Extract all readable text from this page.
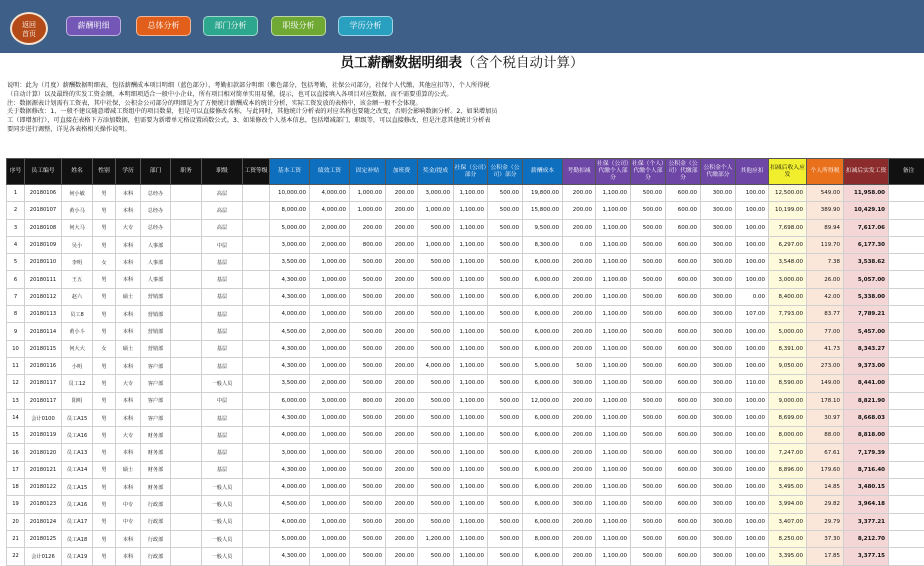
返回
首页
薪酬明细	总体分析	部门分析	职级分析	学历分析
员工薪酬数据明细表（含个税自动计算）

说明：此为（月度）薪酬数据明细表，包括薪酬成本项目明细（蓝色部分），考勤扣款部分明细（紫色部分，包括考勤，社保公司部分，社保个人代缴，其他应扣等），个人所得税

（自动计算）以及最终的实发工资金额，本明细项适合一般中小企业，所有项目相对简单实用易懂，提示，也可以直接填入各项目对应数据，而不需要重算的公式。

注：数据源表计划需有工资表，其中社保，公积金公司部分的明细是为了方便统计薪酬成本的统计分析，实际工资发放的表格中，该金额一般不会体现。

关于数据修改：1、一般不建议随意增减工资组中的项目数量，但是可以直接修改名称，与此同时，其他统计分析表的对应名称也要随之改变，否则会影响数据分析。2、如果增加员

工（即增加行），可直接在表格下方添加数据，但需要为新增单元格设置函数公式。3、如果修改个人基本信息，包括增减部门，职级等，可以直接修改，但是注意其他统计分析表

要同步进行调整，详见各表格相关操作说明。

序号	员工编号	姓名	性别	学历	部门	职务	职级	工资等级	基本工资	绩效工资	固定补贴	加班费	奖金/提成	社保（公司）部分	公积金（公司）部分	薪酬成本	考勤扣减	社保（公司）代缴个人部分	社保（个人）代缴个人部分	公积金（公司）代缴部分	公积金个人代缴部分	其他应扣	扣减后收入应发	个人所得税	扣减后实发工资	备注
1	20180106	何小敏	男	本科	总经办		高层		10,000.00	4,000.00	1,000.00	200.00	3,000.00	1,100.00	500.00	19,800.00	200.00	1,100.00	500.00	600.00	300.00	100.00	12,500.00	549.00	11,958.00	
2	20180107	黄小马	男	本科	总经办		高层		8,000.00	4,000.00	1,000.00	200.00	1,000.00	1,100.00	500.00	15,800.00	200.00	1,100.00	500.00	600.00	300.00	100.00	10,199.00	389.90	10,429.10	
3	20180108	何大马	男	大专	总经办		高层		5,000.00	2,000.00	200.00	200.00	500.00	1,100.00	500.00	9,500.00	200.00	1,100.00	500.00	600.00	300.00	100.00	7,698.00	89.94	7,617.06	
4	20180109	吴小	男	本科	人事部		中层		3,000.00	2,000.00	800.00	200.00	1,000.00	1,100.00	500.00	8,300.00	0.00	1,100.00	500.00	600.00	300.00	100.00	6,297.00	119.70	6,177.30	
5	20180110	李明	女	本科	人事部		基层		3,500.00	1,000.00	500.00	200.00	500.00	1,100.00	500.00	6,000.00	200.00	1,100.00	500.00	600.00	300.00	100.00	3,548.00	7.38	3,538.62	
6	20180111	王五	男	本科	人事部		基层		4,300.00	1,000.00	500.00	200.00	500.00	1,100.00	500.00	6,000.00	200.00	1,100.00	500.00	600.00	300.00	100.00	3,000.00	26.00	5,057.00	
7	20180112	赵六	男	硕士	营销部		基层		4,300.00	1,000.00	500.00	200.00	500.00	1,100.00	500.00	6,000.00	200.00	1,100.00	500.00	600.00	300.00	0.00	8,400.00	42.00	5,338.00	
8	20180113	员工8	男	本科	营销部		基层		4,000.00	1,000.00	500.00	200.00	500.00	1,100.00	500.00	6,000.00	200.00	1,100.00	500.00	600.00	300.00	107.00	7,793.00	83.77	7,789.21	
9	20180114	黄小斗	男	本科	营销部		基层		4,500.00	2,000.00	500.00	200.00	500.00	1,100.00	500.00	6,000.00	200.00	1,100.00	500.00	600.00	300.00	100.00	5,000.00	77.00	5,457.00	
10	20180115	何大大	女	硕士	营销部		基层		4,300.00	1,000.00	500.00	200.00	500.00	1,100.00	500.00	6,000.00	200.00	1,100.00	500.00	600.00	300.00	100.00	8,391.00	41.73	8,343.27	
11	20180116	小明	男	本科	客户部		基层		4,300.00	1,000.00	500.00	200.00	4,000.00	1,100.00	500.00	5,000.00	50.00	1,100.00	500.00	600.00	300.00	100.00	9,050.00	273.00	9,373.00	
12	20180117	员工12	男	大专	客户部		一般人员		3,500.00	2,000.00	500.00	200.00	500.00	1,100.00	500.00	6,000.00	300.00	1,100.00	500.00	600.00	300.00	110.00	8,590.00	149.00	8,441.00	
13	20180117	阳明	男	本科	客户部		中层		6,000.00	3,000.00	800.00	200.00	500.00	1,100.00	500.00	12,000.00	200.00	1,100.00	500.00	600.00	300.00	100.00	9,000.00	178.10	8,821.90	
14	会计0100	员工A15	男	本科	客户部		基层		4,300.00	1,000.00	500.00	200.00	500.00	1,100.00	500.00	6,000.00	200.00	1,100.00	500.00	600.00	300.00	100.00	8,699.00	30.97	8,668.03	
15	20180119	员工A16	男	大专	财务部		基层		4,000.00	1,000.00	500.00	200.00	500.00	1,100.00	500.00	6,000.00	200.00	1,100.00	500.00	600.00	300.00	100.00	8,000.00	88.00	8,818.00	
16	20180120	员工A13	男	本科	财务部		基层		3,000.00	1,000.00	500.00	200.00	500.00	1,100.00	500.00	6,000.00	200.00	1,100.00	500.00	600.00	300.00	100.00	7,247.00	67.61	7,179.39	
17	20180121	员工A14	男	硕士	财务部		基层		4,300.00	1,000.00	500.00	200.00	500.00	1,100.00	500.00	6,000.00	200.00	1,100.00	500.00	600.00	300.00	100.00	8,896.00	179.60	8,716.40	
18	20180122	员工A15	男	本科	财务部		一般人员		4,000.00	1,000.00	500.00	200.00	500.00	1,100.00	500.00	6,000.00	200.00	1,100.00	500.00	600.00	300.00	100.00	3,495.00	14.85	3,480.15	
19	20180123	员工A16	男	中专	行政部		一般人员		4,500.00	1,000.00	500.00	200.00	500.00	1,100.00	500.00	6,000.00	300.00	1,100.00	500.00	600.00	300.00	100.00	3,994.00	29.82	3,964.18	
20	20180124	员工A17	男	中专	行政部		一般人员		4,000.00	1,000.00	500.00	200.00	500.00	1,100.00	500.00	6,000.00	200.00	1,100.00	500.00	600.00	300.00	100.00	3,407.00	29.79	3,377.21	
21	20180125	员工A18	男	本科	行政部		一般人员		5,000.00	1,000.00	500.00	200.00	1,200.00	1,100.00	500.00	8,000.00	200.00	1,100.00	500.00	600.00	300.00	100.00	8,250.00	37.30	8,212.70	
22	会计0126	员工A19	男	本科	行政部		一般人员		4,300.00	1,000.00	500.00	200.00	500.00	1,100.00	500.00	6,000.00	200.00	1,100.00	500.00	600.00	300.00	100.00	3,395.00	17.85	3,377.15	
